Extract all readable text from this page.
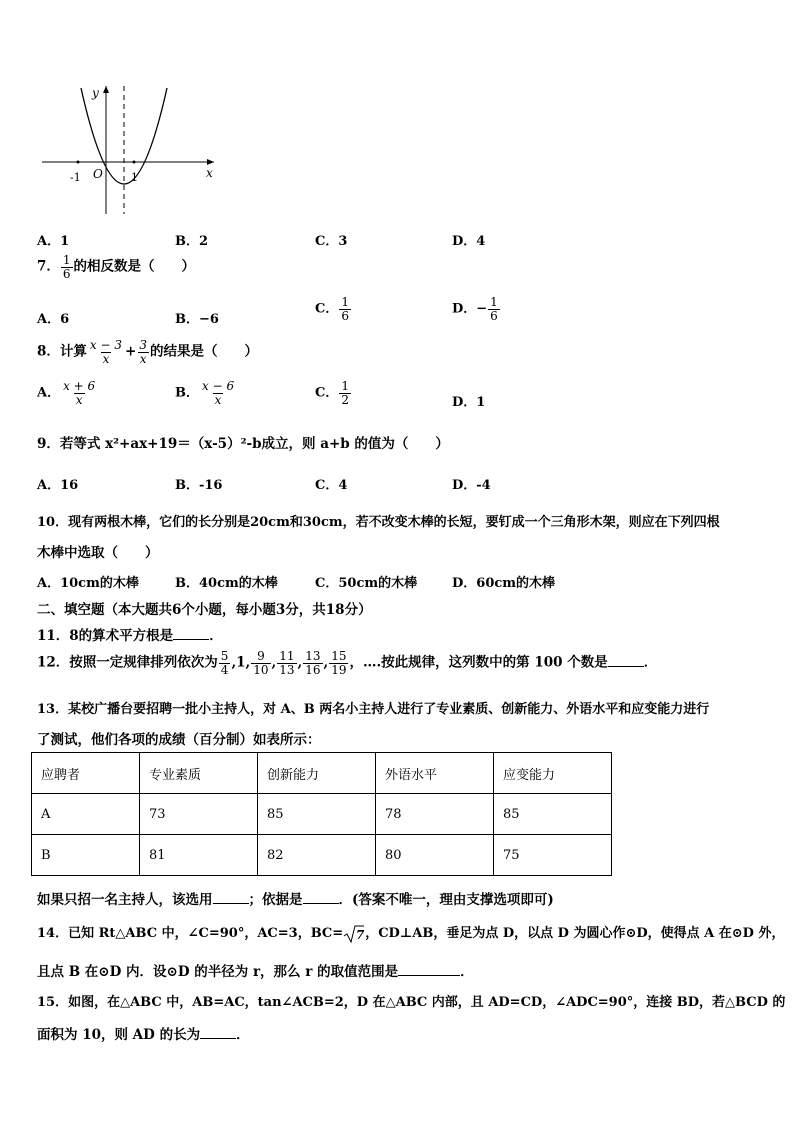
y
x
O
-1	1
A．1	B．2	C．3	D．4
7． $\frac{1}{6}$ 的相反数是（　　）
A．6	B．−6
C． $\frac{1}{6}$	D．− $\frac{1}{6}$
8．计算 $\frac{x - 3}{x} + \frac{3}{x}$ 的结果是（　　）
A． $\frac{x + 6}{x}$	B． $\frac{x - 6}{x}$	C． $\frac{1}{2}$	D．1
9．若等式 x²+ax+19＝（x-5）²-b成立，则 a+b 的值为（　　）
A．16	B．-16	C．4	D．-4
10．现有两根木棒，它们的长分别是20cm和30cm，若不改变木棒的长短，要钉成一个三角形木架，则应在下列四根
木棒中选取（　　）
A．10cm的木棒	B．40cm的木棒	C．50cm的木棒	D．60cm的木棒
二、填空题（本大题共6个小题，每小题3分，共18分）
11．8的算术平方根是	．
12．按照一定规律排列依次为 $\frac{5}{4} ,1$, $\frac{9}{10}$ , $\frac{11}{13}$ , $\frac{13}{16}$ , $\frac{15}{19}$ ，….按此规律，这列数中的第 100 个数是	．
13．某校广播台要招聘一批小主持人，对 A、B 两名小主持人进行了专业素质、创新能力、外语水平和应变能力进行
了测试，他们各项的成绩（百分制）如表所示：
应聘者	专业素质	创新能力	外语水平	应变能力
A	73	85	78	85
B	81	82	80	75
如果只招一名主持人，该选用	；依据是	．(答案不唯一，理由支撑选项即可)
14．已知 Rt△ABC 中，∠C=90°，AC=3，BC= 7 ，CD⊥AB，垂足为点 D，以点 D 为圆心作⊙D，使得点 A 在⊙D 外，
且点 B 在⊙D 内．设⊙D 的半径为 r，那么 r 的取值范围是	．
15．如图，在△ABC 中，AB=AC，tan∠ACB=2，D 在△ABC 内部，且 AD=CD，∠ADC=90°，连接 BD，若△BCD 的
面积为 10，则 AD 的长为	．
